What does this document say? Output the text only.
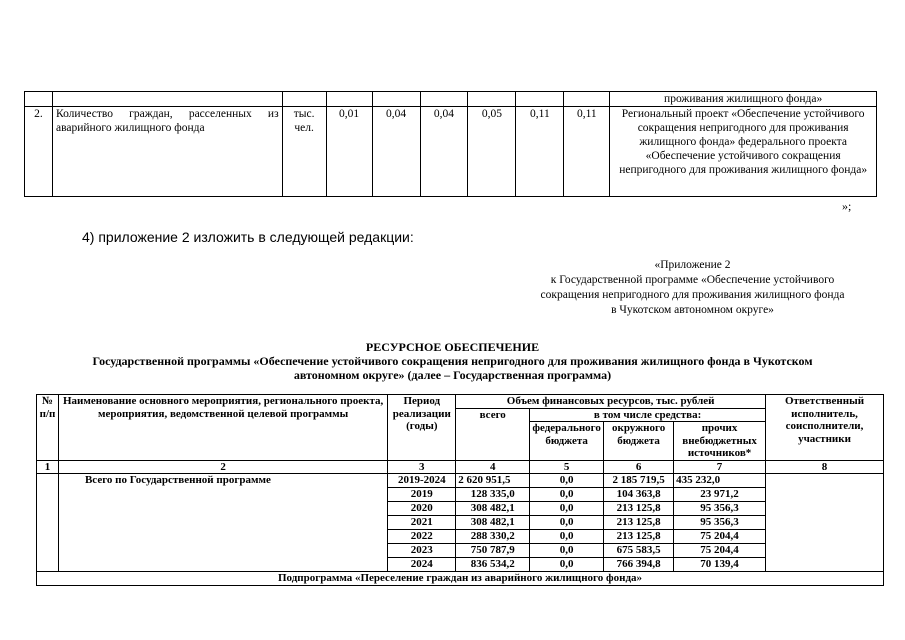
									проживания жилищного фонда»
2.	Количество граждан, расселенных из аварийного жилищного фонда	тыс. чел.	0,01	0,04	0,04	0,05	0,11	0,11	Региональный проект «Обеспечение устойчивого сокращения непригодного для проживания жилищного фонда» федерального проекта «Обеспечение устойчивого сокращения непригодного для проживания жилищного фонда»
»;
4) приложение 2 изложить в следующей редакции:
«Приложение 2
к Государственной программе «Обеспечение устойчивого
сокращения непригодного для проживания жилищного фонда
в Чукотском автономном округе»
РЕСУРСНОЕ ОБЕСПЕЧЕНИЕ
Государственной программы «Обеспечение устойчивого сокращения непригодного для проживания жилищного фонда в Чукотском
автономном округе» (далее – Государственная программа)
№ п/п	Наименование основного мероприятия, регионального проекта, мероприятия, ведомственной целевой программы	Период реализации (годы)	Объем финансовых ресурсов, тыс. рублей				Ответственный исполнитель, соисполнители, участники
			всего	в том числе средства:			
				федерального бюджета	окружного бюджета	прочих внебюджетных источников*	
1	2	3	4	5	6	7	8
	Всего по Государственной программе	2019-2024	2 620 951,5	0,0	2 185 719,5	435 232,0	
		2019	128 335,0	0,0	104 363,8	23 971,2	
		2020	308 482,1	0,0	213 125,8	95 356,3	
		2021	308 482,1	0,0	213 125,8	95 356,3	
		2022	288 330,2	0,0	213 125,8	75 204,4	
		2023	750 787,9	0,0	675 583,5	75 204,4	
		2024	836 534,2	0,0	766 394,8	70 139,4	
Подпрограмма «Переселение граждан из аварийного жилищного фонда»							
